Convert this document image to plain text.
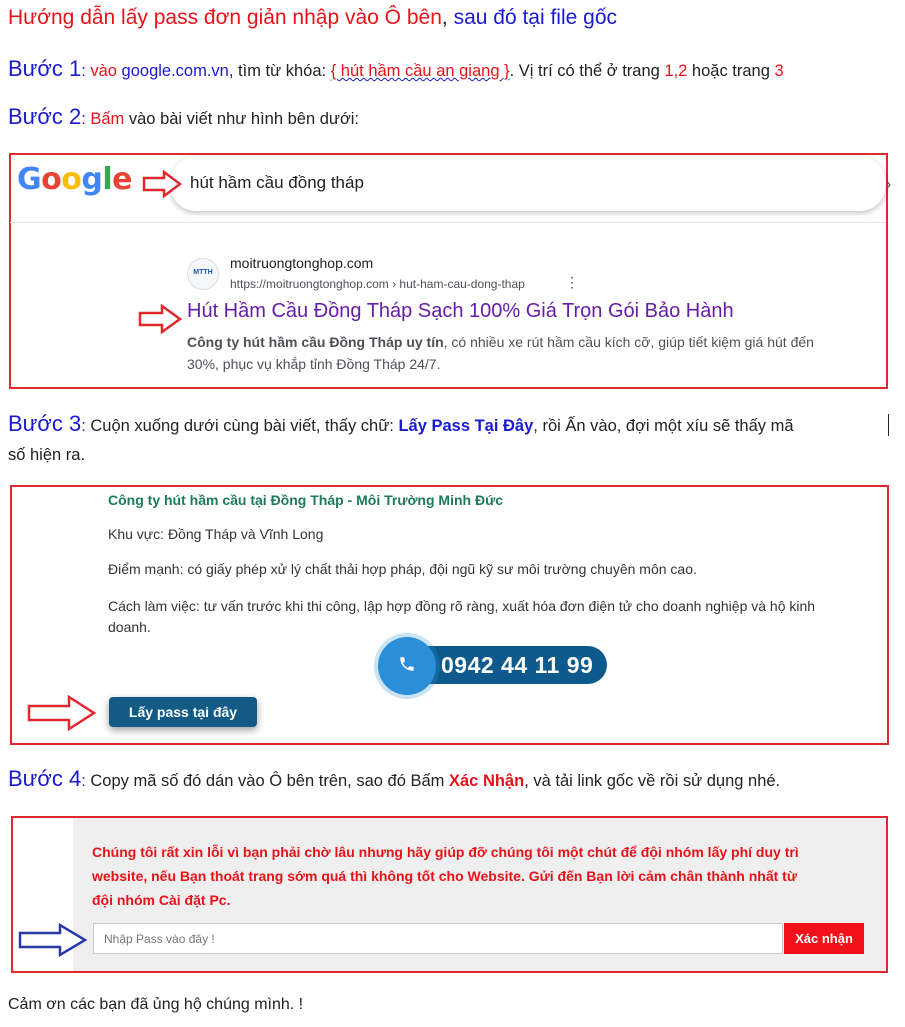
Hướng dẫn lấy pass đơn giản nhập vào Ô bên, sau đó tại file gốc
Bước 1: vào google.com.vn, tìm từ khóa: { hút hầm cầu an giang }. Vị trí có thể ở trang 1,2 hoặc trang 3
Bước 2: Bấm vào bài viết như hình bên dưới:
Google	hút hầm cầu đồng tháp	›
MTTH
moitruongtonghop.com
https://moitruongtonghop.com › hut-ham-cau-dong-thap	⋮
Hút Hầm Cầu Đồng Tháp Sạch 100% Giá Trọn Gói Bảo Hành
Công ty hút hầm cầu Đồng Tháp uy tín, có nhiều xe rút hầm cầu kích cỡ, giúp tiết kiệm giá hút đến
30%, phục vụ khắp tỉnh Đồng Tháp 24/7.
Bước 3: Cuộn xuống dưới cùng bài viết, thấy chữ: Lấy Pass Tại Đây, rồi Ấn vào, đợi một xíu sẽ thấy mã
số hiện ra.
Công ty hút hầm cầu tại Đồng Tháp - Môi Trường Minh Đức
Khu vực: Đồng Tháp và Vĩnh Long
Điểm mạnh: có giấy phép xử lý chất thải hợp pháp, đội ngũ kỹ sư môi trường chuyên môn cao.
Cách làm việc: tư vấn trước khi thi công, lập hợp đồng rõ ràng, xuất hóa đơn điện tử cho doanh nghiệp và hộ kinh
doanh.
0942 44 11 99
Lấy pass tại đây
Bước 4: Copy mã số đó dán vào Ô bên trên, sao đó Bấm Xác Nhận, và tải link gốc về rồi sử dụng nhé.
Chúng tôi rất xin lỗi vì bạn phải chờ lâu nhưng hãy giúp đỡ chúng tôi một chút để đội nhóm lấy phí duy trì
website, nếu Bạn thoát trang sớm quá thì không tốt cho Website. Gửi đến Bạn lời cảm chân thành nhất từ
đội nhóm Cài đặt Pc.
Nhập Pass vào đây !
Xác nhận
Cảm ơn các bạn đã ủng hộ chúng mình. !
